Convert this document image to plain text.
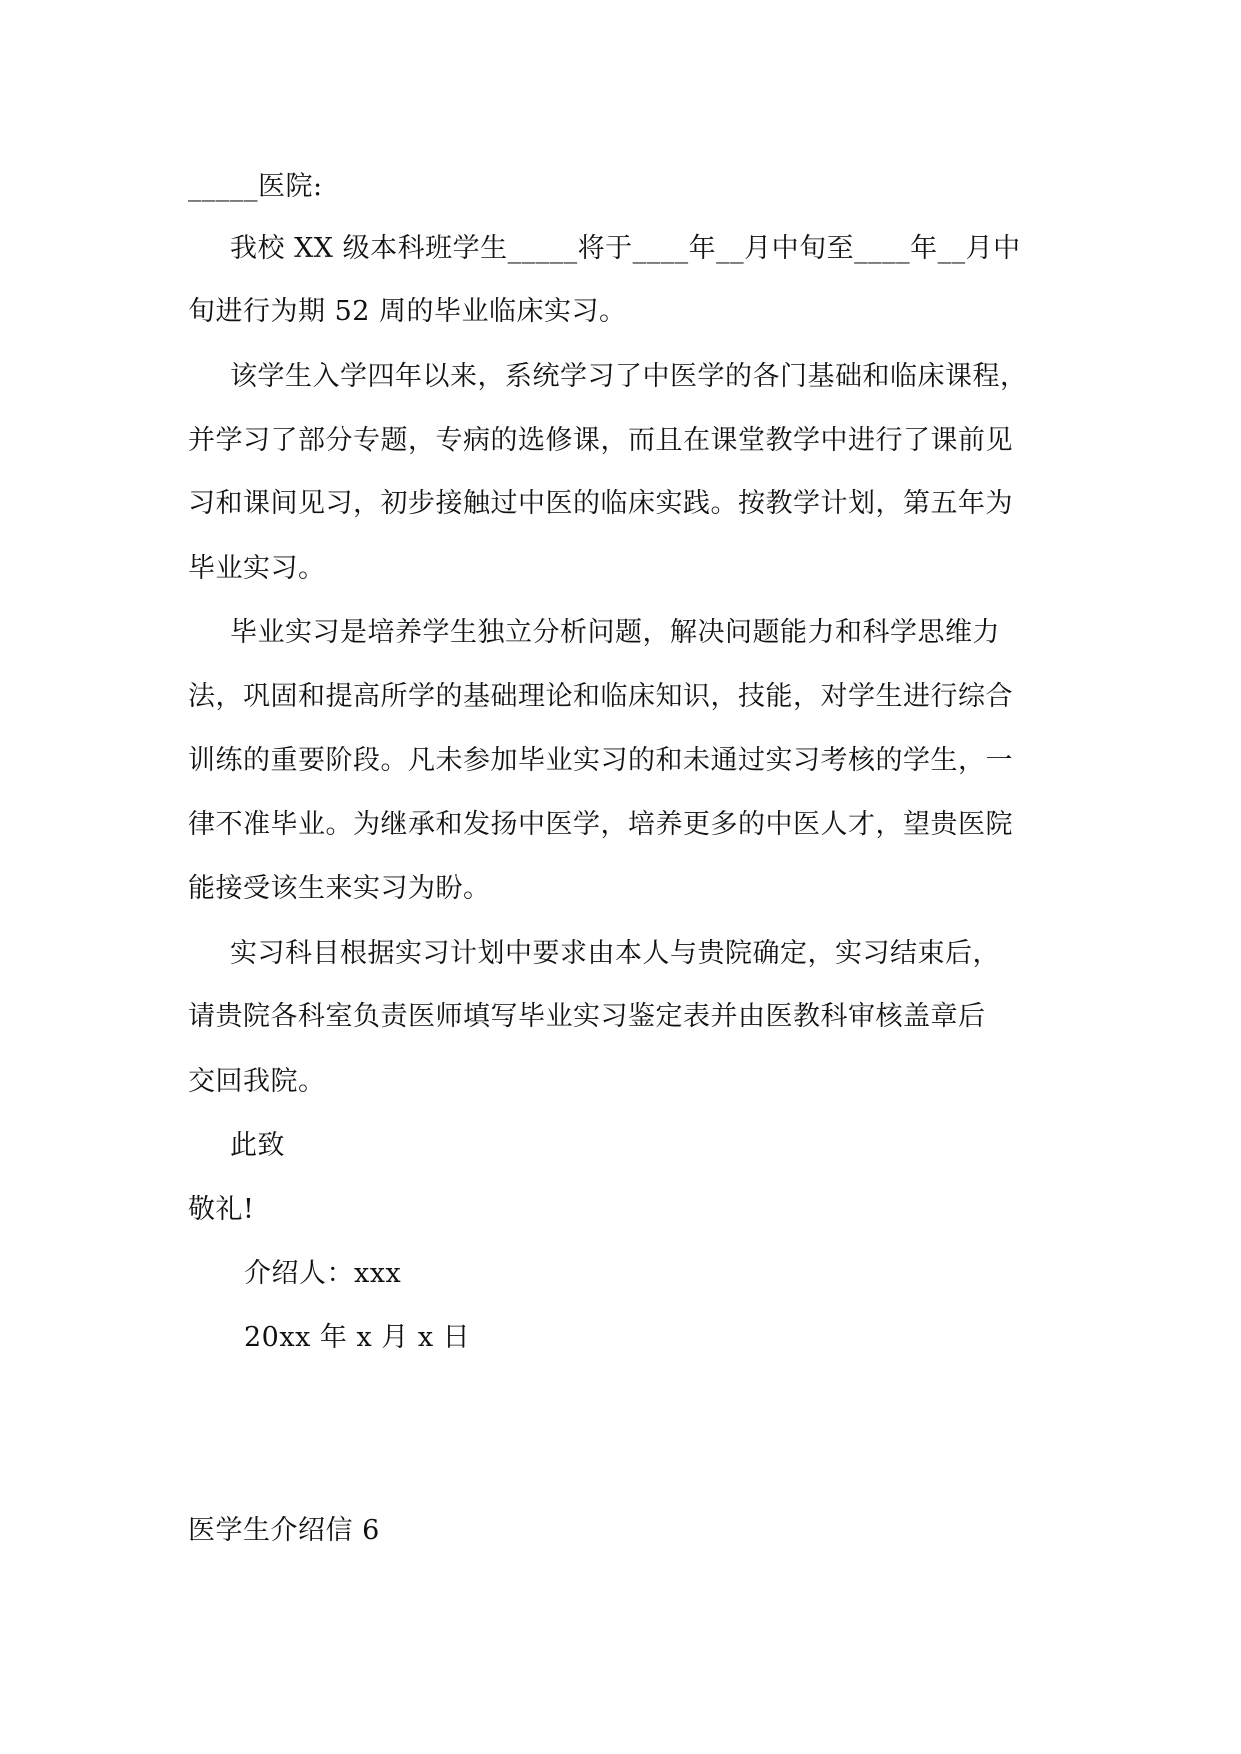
_____医院:
我校 XX 级本科班学生_____将于____年__月中旬至____年__月中
旬进行为期 52 周的毕业临床实习。
该学生入学四年以来，系统学习了中医学的各门基础和临床课程，
并学习了部分专题，专病的选修课，而且在课堂教学中进行了课前见
习和课间见习，初步接触过中医的临床实践。按教学计划，第五年为
毕业实习。
毕业实习是培养学生独立分析问题，解决问题能力和科学思维力
法，巩固和提高所学的基础理论和临床知识，技能，对学生进行综合
训练的重要阶段。凡未参加毕业实习的和未通过实习考核的学生，一
律不准毕业。为继承和发扬中医学，培养更多的中医人才，望贵医院
能接受该生来实习为盼。
实习科目根据实习计划中要求由本人与贵院确定，实习结束后，
请贵院各科室负责医师填写毕业实习鉴定表并由医教科审核盖章后
交回我院。
此致
敬礼!
介绍人：xxx
20xx 年 x 月 x 日
医学生介绍信 6
